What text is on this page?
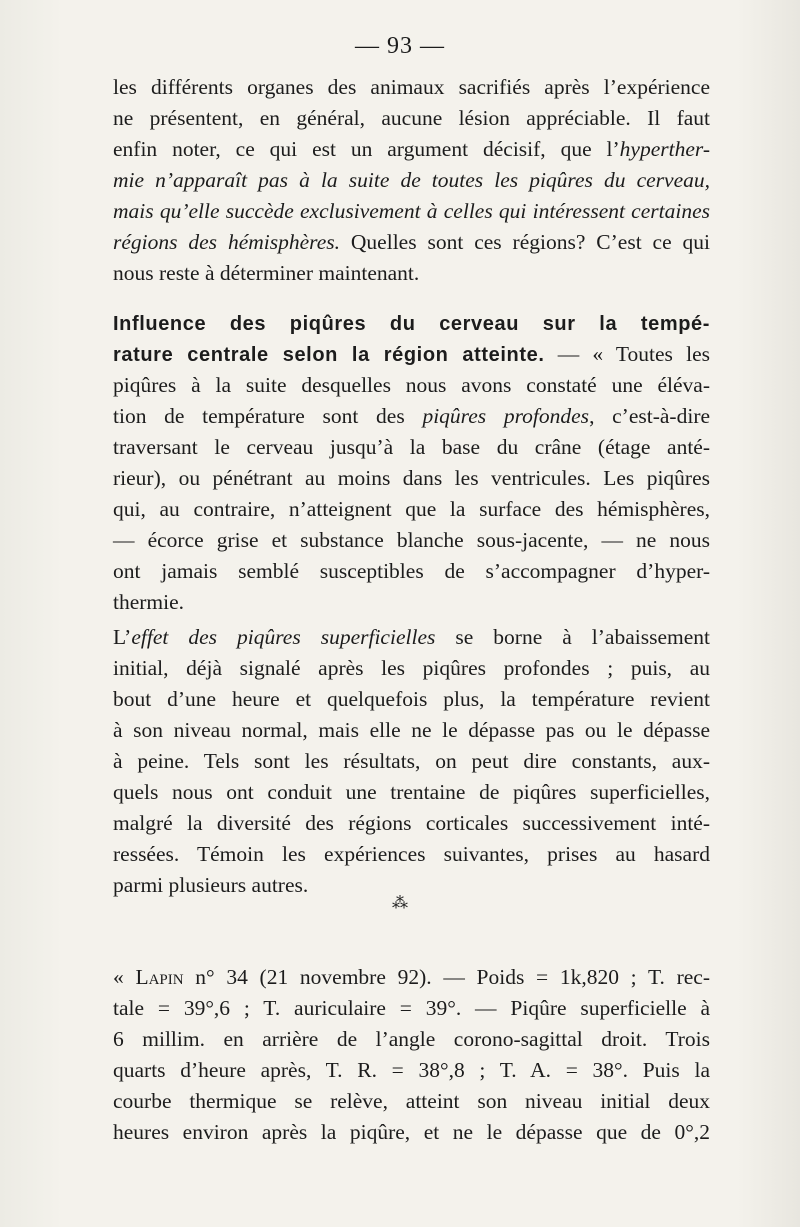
— 93 —
les différents organes des animaux sacrifiés après l’expérience
ne présentent, en général, aucune lésion appréciable. Il faut
enfin noter, ce qui est un argument décisif, que l’hyperther-
mie n’apparaît pas à la suite de toutes les piqûres du cerveau,
mais qu’elle succède exclusivement à celles qui intéressent certaines
régions des hémisphères. Quelles sont ces régions? C’est ce qui
nous reste à déterminer maintenant.
Influence des piqûres du cerveau sur la tempé-
rature centrale selon la région atteinte. — « Toutes les
piqûres à la suite desquelles nous avons constaté une éléva-
tion de température sont des piqûres profondes, c’est-à-dire
traversant le cerveau jusqu’à la base du crâne (étage anté-
rieur), ou pénétrant au moins dans les ventricules. Les piqûres
qui, au contraire, n’atteignent que la surface des hémisphères,
— écorce grise et substance blanche sous-jacente, — ne nous
ont jamais semblé susceptibles de s’accompagner d’hyper-
thermie.
L’effet des piqûres superficielles se borne à l’abaissement
initial, déjà signalé après les piqûres profondes ; puis, au
bout d’une heure et quelquefois plus, la température revient
à son niveau normal, mais elle ne le dépasse pas ou le dépasse
à peine. Tels sont les résultats, on peut dire constants, aux-
quels nous ont conduit une trentaine de piqûres superficielles,
malgré la diversité des régions corticales successivement inté-
ressées. Témoin les expériences suivantes, prises au hasard
parmi plusieurs autres.
⁂
« Lapin n° 34 (21 novembre 92). — Poids = 1k,820 ; T. rec-
tale = 39°,6 ; T. auriculaire = 39°. — Piqûre superficielle à
6 millim. en arrière de l’angle corono-sagittal droit. Trois
quarts d’heure après, T. R. = 38°,8 ; T. A. = 38°. Puis la
courbe thermique se relève, atteint son niveau initial deux
heures environ après la piqûre, et ne le dépasse que de 0°,2
